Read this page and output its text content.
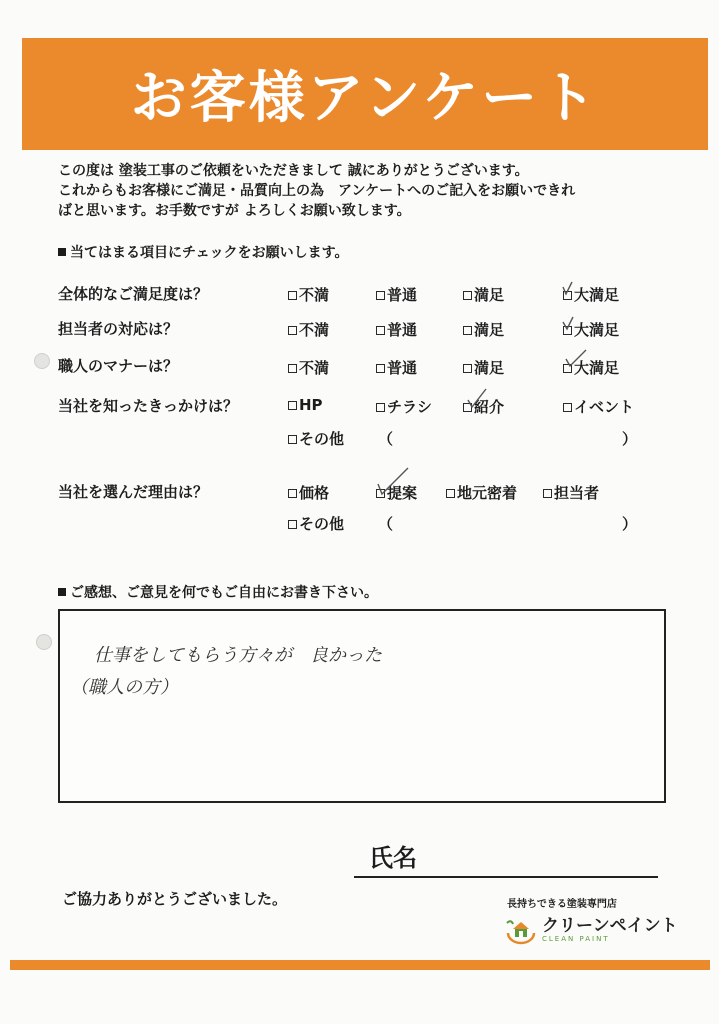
お客様アンケート

この度は 塗装工事のご依頼をいただきまして 誠にありがとうございます。

これからもお客様にご満足・品質向上の為　アンケートへのご記入をお願いできれ

ばと思います。お手数ですが よろしくお願い致します。

当てはまる項目にチェックをお願いします。
全体的なご満足度は？	不満	普通	満足	大満足
担当者の対応は？	不満	普通	満足	大満足
職人のマナーは？	不満	普通	満足	大満足
当社を知ったきっかけは？	HP	チラシ	紹介	イベント
その他 （	）
当社を選んだ理由は？	価格	提案	地元密着	担当者
その他 （	）
ご感想、ご意見を何でもご自由にお書き下さい。
仕事をしてもらう方々が　良かった
（職人の方）
氏名
ご協力ありがとうございました。	長持ちできる塗装専門店
クリーンペイント
CLEAN PAINT
